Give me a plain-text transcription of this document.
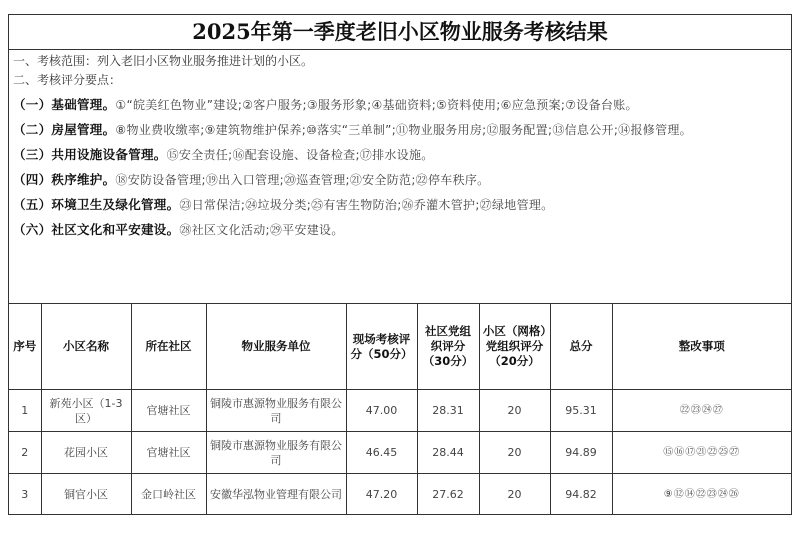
2025年第一季度老旧小区物业服务考核结果
一、考核范围：列入老旧小区物业服务推进计划的小区。
二、考核评分要点：
（一）基础管理。①“皖美红色物业”建设;②客户服务;③服务形象;④基础资料;⑤资料使用;⑥应急预案;⑦设备台账。
（二）房屋管理。⑧物业费收缴率;⑨建筑物维护保养;⑩落实“三单制”;⑪物业服务用房;⑫服务配置;⑬信息公开;⑭报修管理。
（三）共用设施设备管理。⑮安全责任;⑯配套设施、设备检查;⑰排水设施。
（四）秩序维护。⑱安防设备管理;⑲出入口管理;⑳巡查管理;㉑安全防范;㉒停车秩序。
（五）环境卫生及绿化管理。㉓日常保洁;㉔垃圾分类;㉕有害生物防治;㉖乔灌木管护;㉗绿地管理。
（六）社区文化和平安建设。㉘社区文化活动;㉙平安建设。
序号	小区名称	所在社区	物业服务单位	现场考核评分（50分）	社区党组织评分（30分）	小区（网格）党组织评分（20分）	总分	整改事项
1	新苑小区（1-3区）	官塘社区	铜陵市惠源物业服务有限公司	47.00	28.31	20	95.31	㉒㉓㉔㉗
2	花园小区	官塘社区	铜陵市惠源物业服务有限公司	46.45	28.44	20	94.89	⑮⑯⑰㉑㉒㉕㉗
3	铜官小区	金口岭社区	安徽华泓物业管理有限公司	47.20	27.62	20	94.82	⑨⑫⑭㉒㉓㉔㉖
